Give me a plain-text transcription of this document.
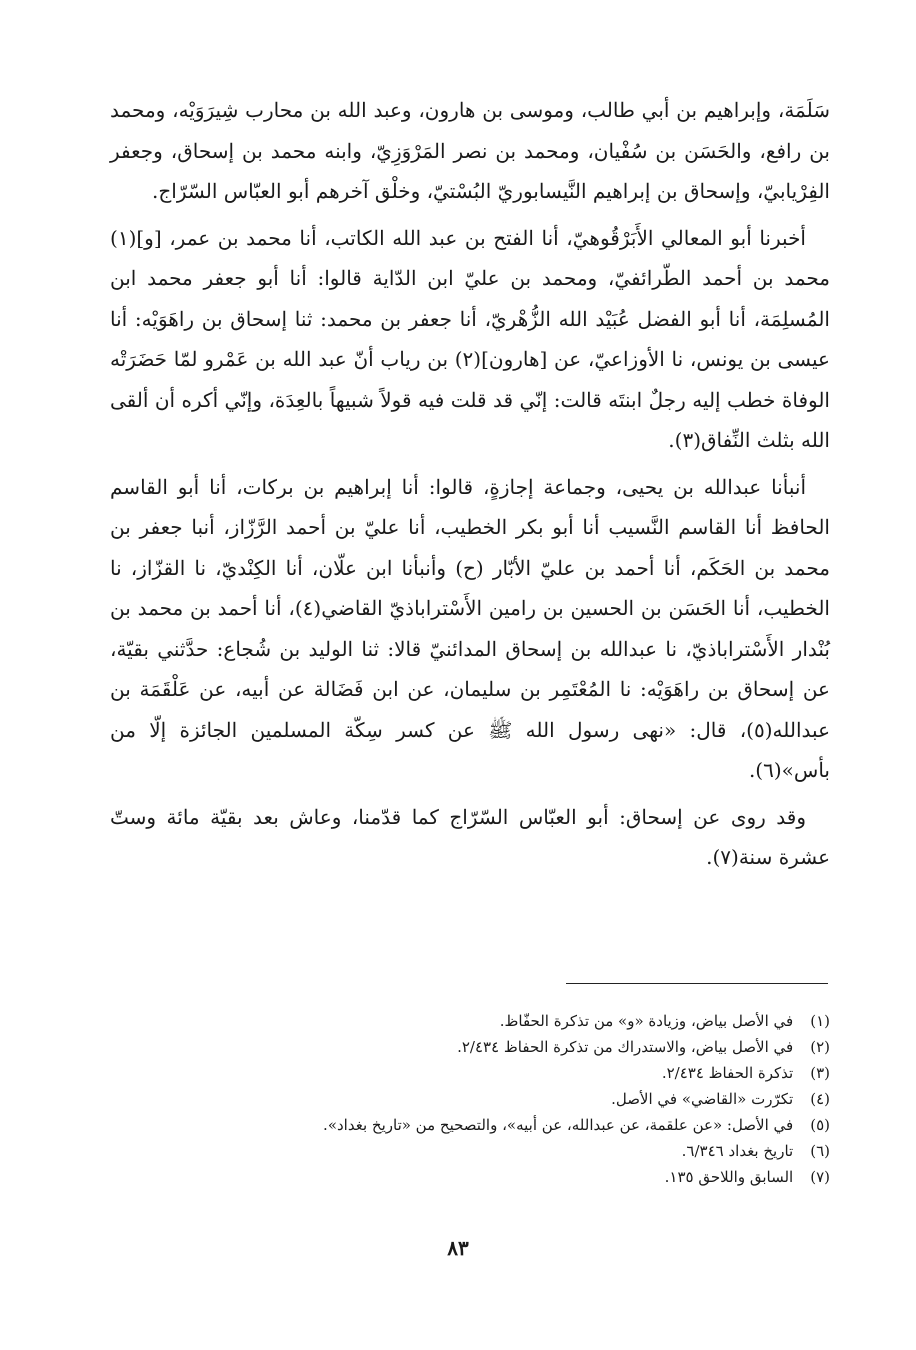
سَلَمَة، وإبراهيم بن أبي طالب، وموسى بن هارون، وعبد الله بن محارب شِيرَوَيْه، ومحمد بن رافع، والحَسَن بن سُفْيان، ومحمد بن نصر المَرْوَزِيّ، وابنه محمد بن إسحاق، وجعفر الفِرْيابيّ، وإسحاق بن إبراهيم النَّيسابوريّ البُسْتيّ، وخلْق آخرهم أبو العبّاس السّرّاج.

أخبرنا أبو المعالي الأَبَرْقُوهيّ، أنا الفتح بن عبد الله الكاتب، أنا محمد بن عمر، [و](١) محمد بن أحمد الطّرائفيّ، ومحمد بن عليّ ابن الدّاية قالوا: أنا أبو جعفر محمد ابن المُسلِمَة، أنا أبو الفضل عُبَيْد الله الزُّهْريّ، أنا جعفر بن محمد: ثنا إسحاق بن راهَوَيْه: أنا عيسى بن يونس، نا الأوزاعيّ، عن [هارون](٢) بن رياب أنّ عبد الله بن عَمْرو لمّا حَضَرَتْه الوفاة خطب إليه رجلٌ ابنتَه قالت: إنّي قد قلت فيه قولاً شبيهاً بالعِدَة، وإنّي أكره أن ألقى الله بثلث النِّفاق(٣).

أنبأنا عبدالله بن يحيى، وجماعة إجازةٍ، قالوا: أنا إبراهيم بن بركات، أنا أبو القاسم الحافظ أنا القاسم النَّسيب أنا أبو بكر الخطيب، أنا عليّ بن أحمد الرَّزّاز، أنبا جعفر بن محمد بن الحَكَم، أنا أحمد بن عليّ الأبّار (ح) وأنبأنا ابن علّان، أنا الكِنْديّ، نا القزّاز، نا الخطيب، أنا الحَسَن بن الحسين بن رامين الأَسْتراباذيّ القاضي(٤)، أنا أحمد بن محمد بن بُنْدار الأَسْتراباذيّ، نا عبدالله بن إسحاق المدائنيّ قالا: ثنا الوليد بن شُجاع: حدَّثني بقيّة، عن إسحاق بن راهَوَيْه: نا المُعْتَمِر بن سليمان، عن ابن فَضَالة عن أبيه، عن عَلْقَمَة بن عبدالله(٥)، قال: «نهى رسول الله ﷺ عن كسر سِكّة المسلمين الجائزة إلّا من بأس»(٦).

وقد روى عن إسحاق: أبو العبّاس السّرّاج كما قدّمنا، وعاش بعد بقيّة مائة وستّ عشرة سنة(٧).

(١) في الأصل بياض، وزيادة «و» من تذكرة الحفّاظ.
(٢) في الأصل بياض، والاستدراك من تذكرة الحفاظ ٢/٤٣٤.
(٣) تذكرة الحفاظ ٢/٤٣٤.
(٤) تكرّرت «القاضي» في الأصل.
(٥) في الأصل: «عن علقمة، عن عبدالله، عن أبيه»، والتصحيح من «تاريخ بغداد».
(٦) تاريخ بغداد ٦/٣٤٦.
(٧) السابق واللاحق ١٣٥.
٨٣
